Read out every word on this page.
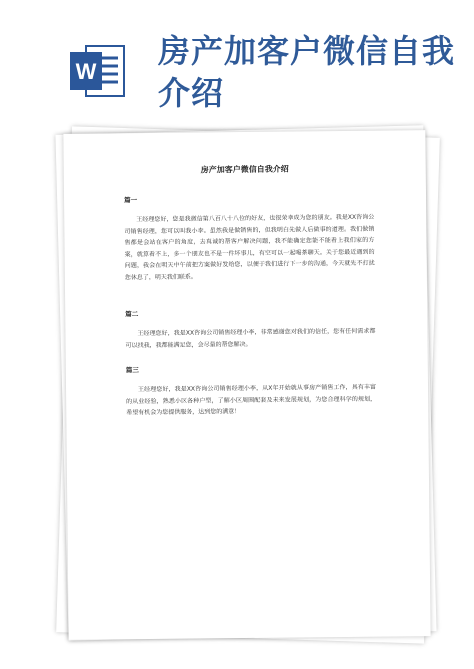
W
房产加客户微信自我介绍
房产加客户微信自我介绍
篇一
王经理您好，您是我微信第八百八十八位的好友，也很荣幸成为您的朋友。我是XX咨询公司销售经理，您可以叫我小李。虽然我是做销售的，但我明白先做人后做事的道理。我们做销售都是会站在客户的角度，去真诚的帮客户解决问题，我不能确定您能不能看上我们家的方案，就算看不上，多一个朋友也不是一件坏事儿，有空可以一起喝茶聊天。关于您最近遇到的问题，我会在明天中午前把方案做好发给您，以便于我们进行下一步的沟通，今天就先不打扰您休息了，明天我们联系。
篇二
王经理您好，我是XX咨询公司销售经理小李，非常感谢您对我们的信任，您有任何需求都可以找我，我都能满足您，会尽量的帮您解决。
篇三
王经理您好，我是XX咨询公司销售经理小李，从X年开始就从事房产销售工作，具有丰富的从业经验，熟悉小区各种户型，了解小区周围配套及未来发展规划，为您合理科学的规划，希望有机会为您提供服务，达到您的满意！
